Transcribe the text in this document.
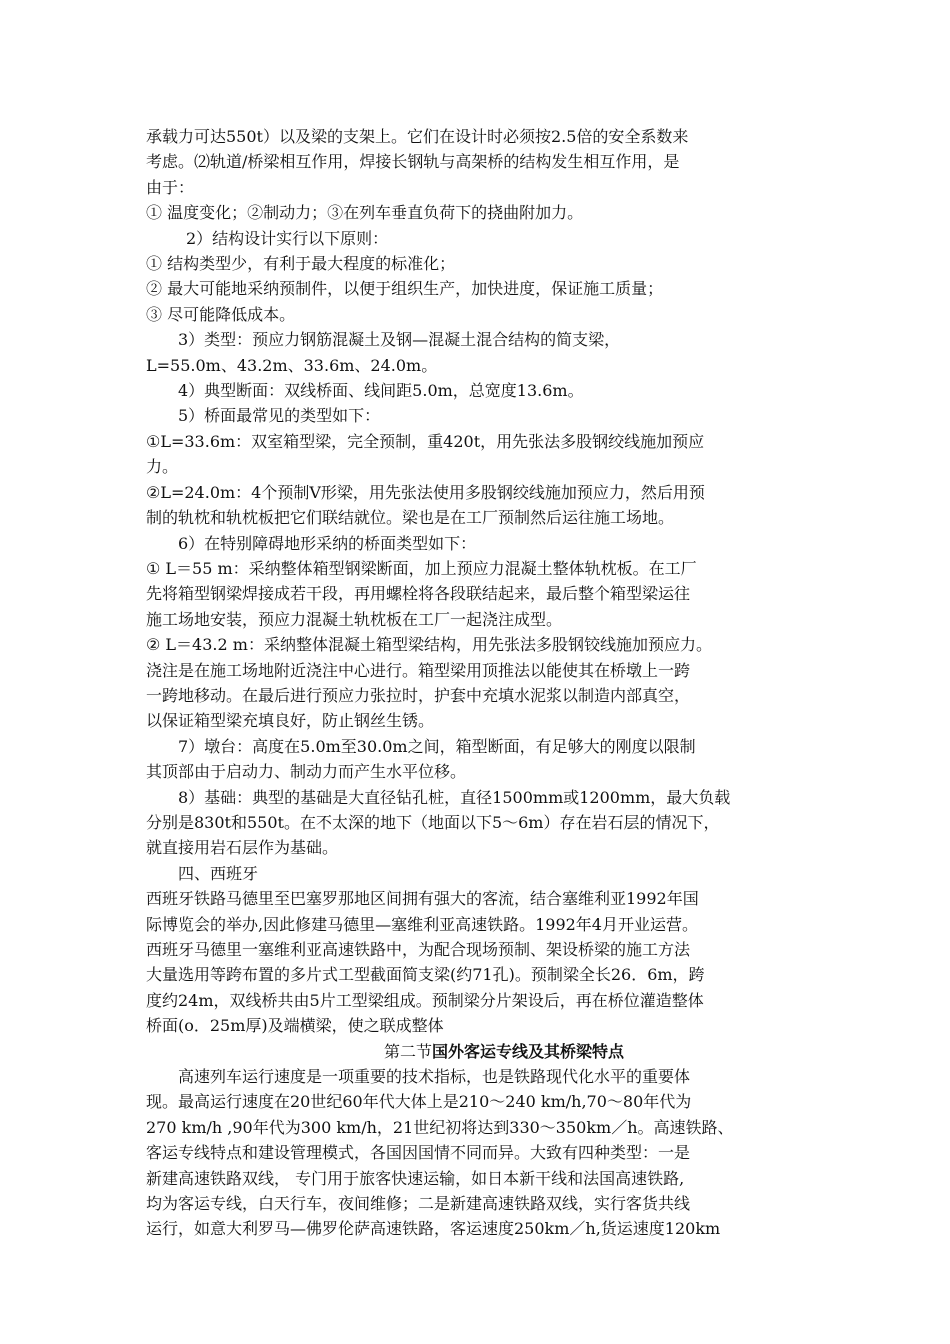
承载力可达550t）以及梁的支架上。它们在设计时必须按2.5倍的安全系数来
考虑。⑵轨道/桥梁相互作用，焊接长钢轨与高架桥的结构发生相互作用，是
由于：
① 温度变化；②制动力；③在列车垂直负荷下的挠曲附加力。
2）结构设计实行以下原则：
① 结构类型少，有利于最大程度的标准化；
② 最大可能地采纳预制件，以便于组织生产，加快进度，保证施工质量；
③ 尽可能降低成本。
3）类型：预应力钢筋混凝土及钢—混凝土混合结构的简支梁，
L=55.0m、43.2m、33.6m、24.0m。
4）典型断面：双线桥面、线间距5.0m，总宽度13.6m。
5）桥面最常见的类型如下：
①L=33.6m：双室箱型梁，完全预制，重420t，用先张法多股钢绞线施加预应
力。
②L=24.0m：4个预制V形梁，用先张法使用多股钢绞线施加预应力，然后用预
制的轨枕和轨枕板把它们联结就位。梁也是在工厂预制然后运往施工场地。
6）在特别障碍地形采纳的桥面类型如下：
① L＝55 m：采纳整体箱型钢梁断面，加上预应力混凝土整体轨枕板。在工厂
先将箱型钢梁焊接成若干段，再用螺栓将各段联结起来，最后整个箱型梁运往
施工场地安装，预应力混凝土轨枕板在工厂一起浇注成型。
② L＝43.2 m：采纳整体混凝土箱型梁结构，用先张法多股钢铰线施加预应力。
浇注是在施工场地附近浇注中心进行。箱型梁用顶推法以能使其在桥墩上一跨
一跨地移动。在最后进行预应力张拉时，护套中充填水泥浆以制造内部真空，
以保证箱型梁充填良好，防止钢丝生锈。
7）墩台：高度在5.0m至30.0m之间，箱型断面，有足够大的刚度以限制
其顶部由于启动力、制动力而产生水平位移。
8）基础：典型的基础是大直径钻孔桩，直径1500mm或1200mm，最大负载
分别是830t和550t。在不太深的地下（地面以下5～6m）存在岩石层的情况下，
就直接用岩石层作为基础。
四、西班牙
西班牙铁路马德里至巴塞罗那地区间拥有强大的客流，结合塞维利亚1992年国
际博览会的举办,因此修建马德里—塞维利亚高速铁路。1992年4月开业运营。
西班牙马德里一塞维利亚高速铁路中，为配合现场预制、架设桥梁的施工方法
大量选用等跨布置的多片式工型截面简支梁(约71孔)。预制梁全长26．6m，跨
度约24m，双线桥共由5片工型梁组成。预制梁分片架设后，再在桥位灌造整体
桥面(o．25m厚)及端横梁，使之联成整体
第二节国外客运专线及其桥梁特点
高速列车运行速度是一项重要的技术指标，也是铁路现代化水平的重要体
现。最高运行速度在20世纪60年代大体上是210～240 km/h,70～80年代为
270 km/h ,90年代为300 km/h，21世纪初将达到330～350km／h。高速铁路、
客运专线特点和建设管理模式，各国因国情不同而异。大致有四种类型：一是
新建高速铁路双线， 专门用于旅客快速运输，如日本新干线和法国高速铁路,
均为客运专线，白天行车，夜间维修；二是新建高速铁路双线，实行客货共线
运行，如意大利罗马—佛罗伦萨高速铁路，客运速度250km／h,货运速度120km
